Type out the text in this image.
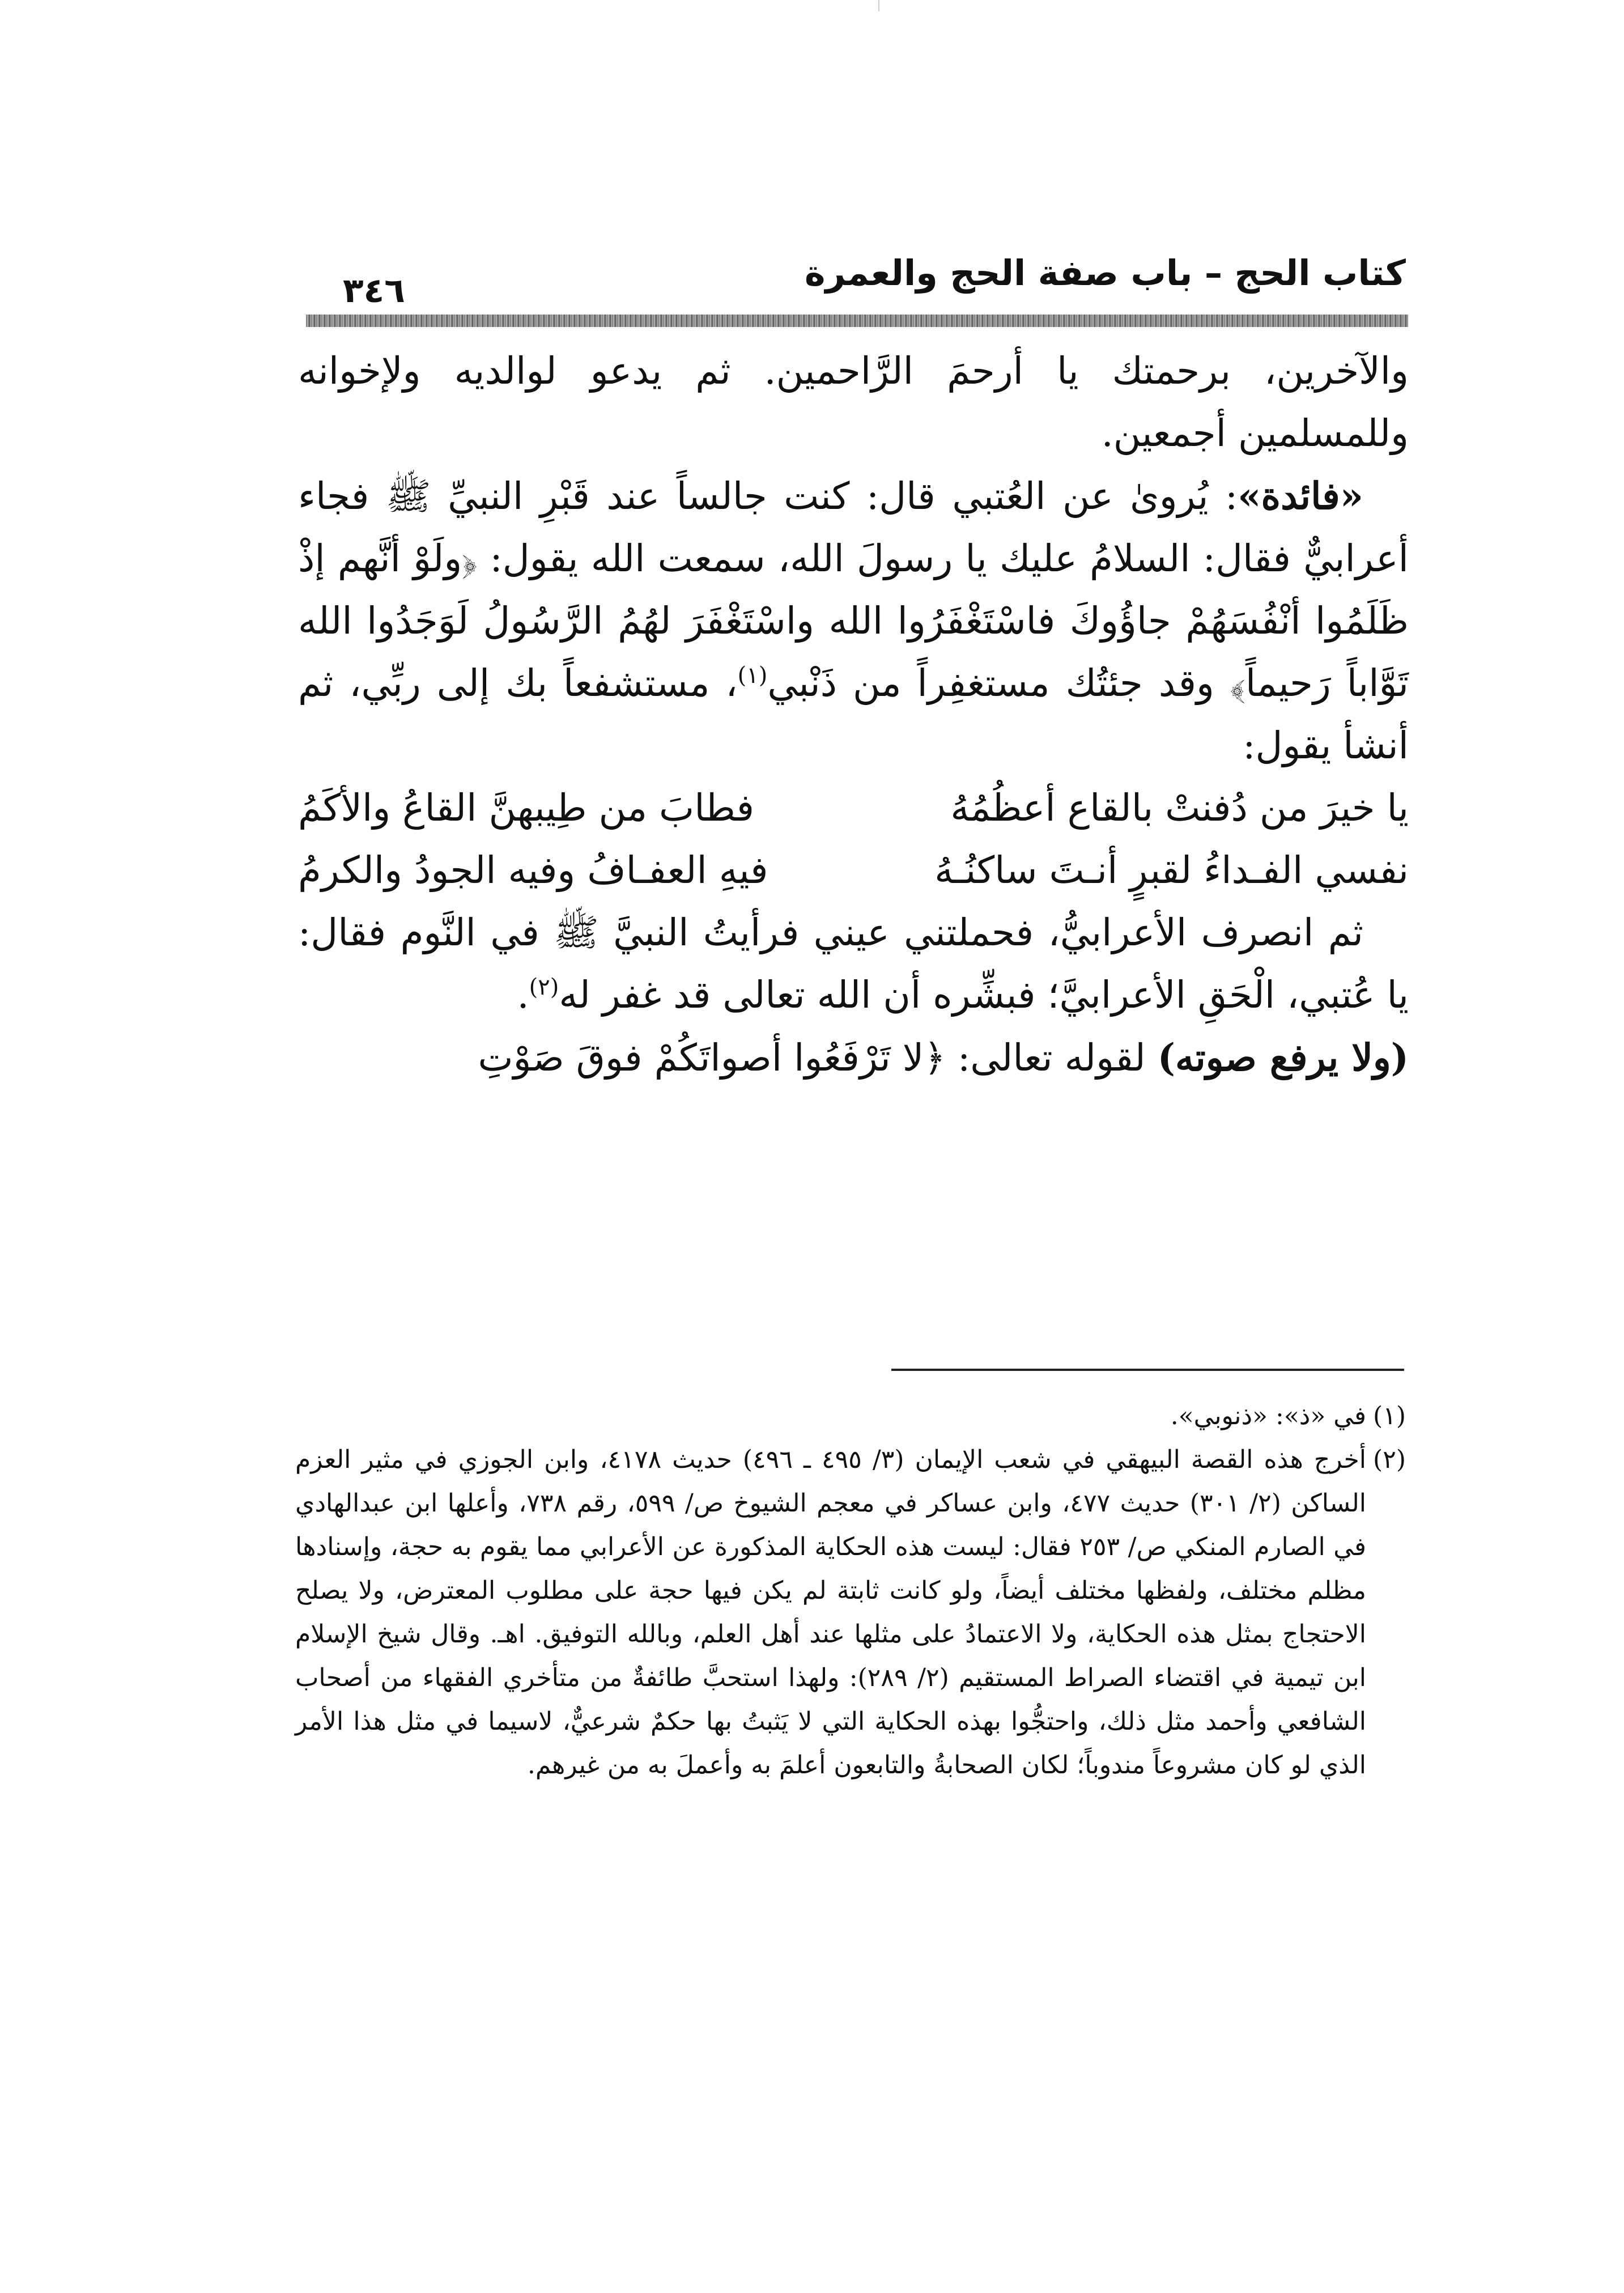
٣٤٦	كتاب الحج – باب صفة الحج والعمرة

والآخرين، برحمتك يا أرحمَ الرَّاحمين. ثم يدعو لوالديه ولإخوانه وللمسلمين أجمعين.

«فائدة»: يُروىٰ عن العُتبي قال: كنت جالساً عند قَبْرِ النبيِّ ﷺ فجاء أعرابيٌّ فقال: السلامُ عليك يا رسولَ الله، سمعت الله يقول: ﴿ولَوْ أنَّهم إذْ ظَلَمُوا أنْفُسَهُمْ جاؤُوكَ فاسْتَغْفَرُوا الله واسْتَغْفَرَ لهُمُ الرَّسُولُ لَوَجَدُوا الله تَوَّاباً رَحيماً﴾ وقد جئتُك مستغفِراً من ذَنْبي$^{(١)}$، مستشفعاً بك إلى ربِّي، ثم أنشأ يقول:

يا خيرَ من دُفنتْ بالقاع أعظُمُهُ
فطابَ من طِيبهنَّ القاعُ والأكَمُ
نفسي الفـداءُ لقبرٍ أنـتَ ساكنُـهُ
فيهِ العفـافُ وفيه الجودُ والكرمُ

ثم انصرف الأعرابيُّ، فحملتني عيني فرأيتُ النبيَّ ﷺ في النَّوم فقال: يا عُتبي، الْحَقِ الأعرابيَّ؛ فبشِّره أن الله تعالى قد غفر له$^{(٢)}$.

(ولا يرفع صوته) لقوله تعالى: ﴿لا تَرْفَعُوا أصواتَكُمْ فوقَ صَوْتِ

(١)
في «ذ»: «ذنوبي».
(٢)
أخرج هذه القصة البيهقي في شعب الإيمان (٣/ ٤٩٥ ـ ٤٩٦) حديث ٤١٧٨، وابن الجوزي في مثير العزم الساكن (٢/ ٣٠١) حديث ٤٧٧، وابن عساكر في معجم الشيوخ ص/ ٥٩٩، رقم ٧٣٨، وأعلها ابن عبدالهادي في الصارم المنكي ص/ ٢٥٣ فقال: ليست هذه الحكاية المذكورة عن الأعرابي مما يقوم به حجة، وإسنادها مظلم مختلف، ولفظها مختلف أيضاً، ولو كانت ثابتة لم يكن فيها حجة على مطلوب المعترض، ولا يصلح الاحتجاج بمثل هذه الحكاية، ولا الاعتمادُ على مثلها عند أهل العلم، وبالله التوفيق. اهـ. وقال شيخ الإسلام ابن تيمية في اقتضاء الصراط المستقيم (٢/ ٢٨٩): ولهذا استحبَّ طائفةٌ من متأخري الفقهاء من أصحاب الشافعي وأحمد مثل ذلك، واحتجُّوا بهذه الحكاية التي لا يَثبتُ بها حكمٌ شرعيٌّ، لاسيما في مثل هذا الأمر الذي لو كان مشروعاً مندوباً؛ لكان الصحابةُ والتابعون أعلمَ به وأعملَ به من غيرهم.
